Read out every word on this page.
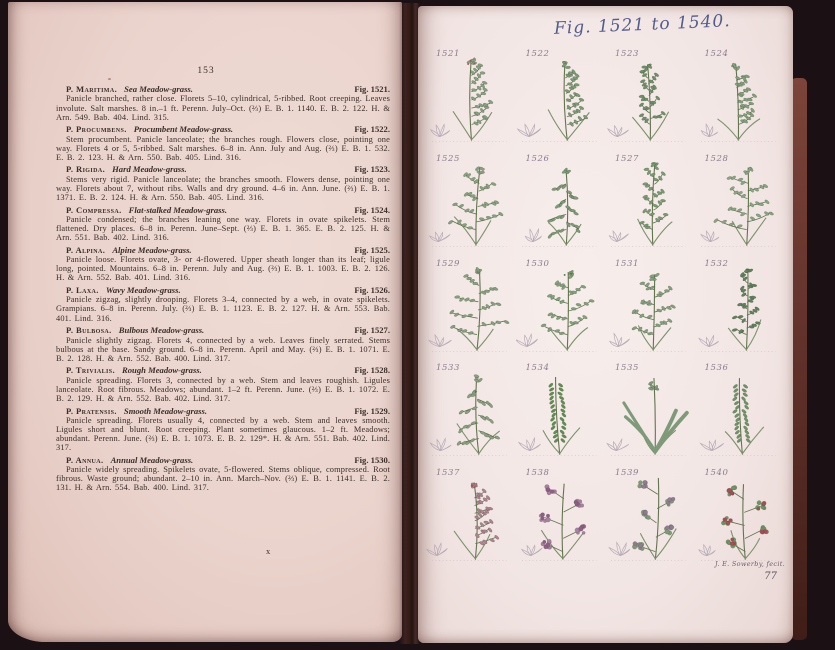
153
P. Maritima. Sea Meadow-grass.	Fig. 1521.

Panicle branched, rather close. Florets 5–10, cylindrical, 5-ribbed. Root creeping. Leaves involute. Salt marshes. 8 in.–1 ft. Perenn. July–Oct. (⅔) E. B. 1. 1140. E. B. 2. 122. H. & Arn. 549. Bab. 404. Lind. 315.

P. Procumbens. Procumbent Meadow-grass.	Fig. 1522.

Stem procumbent. Panicle lanceolate; the branches rough. Flowers close, pointing one way. Florets 4 or 5, 5-ribbed. Salt marshes. 6–8 in. Ann. July and Aug. (⅔) E. B. 1. 532. E. B. 2. 123. H. & Arn. 550. Bab. 405. Lind. 316.

P. Rigida. Hard Meadow-grass.	Fig. 1523.

Stems very rigid. Panicle lanceolate; the branches smooth. Flowers dense, pointing one way. Florets about 7, without ribs. Walls and dry ground. 4–6 in. Ann. June. (⅔) E. B. 1. 1371. E. B. 2. 124. H. & Arn. 550. Bab. 405. Lind. 316.

P. Compressa. Flat-stalked Meadow-grass.	Fig. 1524.

Panicle condensed; the branches leaning one way. Florets in ovate spikelets. Stem flattened. Dry places. 6–8 in. Perenn. June–Sept. (⅔) E. B. 1. 365. E. B. 2. 125. H. & Arn. 551. Bab. 402. Lind. 316.

P. Alpina. Alpine Meadow-grass.	Fig. 1525.

Panicle loose. Florets ovate, 3- or 4-flowered. Upper sheath longer than its leaf; ligule long, pointed. Mountains. 6–8 in. Perenn. July and Aug. (⅔) E. B. 1. 1003. E. B. 2. 126. H. & Arn. 552. Bab. 401. Lind. 316.

P. Laxa. Wavy Meadow-grass.	Fig. 1526.

Panicle zigzag, slightly drooping. Florets 3–4, connected by a web, in ovate spikelets. Grampians. 6–8 in. Perenn. July. (⅔) E. B. 1. 1123. E. B. 2. 127. H. & Arn. 553. Bab. 401. Lind. 316.

P. Bulbosa. Bulbous Meadow-grass.	Fig. 1527.

Panicle slightly zigzag. Florets 4, connected by a web. Leaves finely serrated. Stems bulbous at the base. Sandy ground. 6–8 in. Perenn. April and May. (⅔) E. B. 1. 1071. E. B. 2. 128. H. & Arn. 552. Bab. 400. Lind. 317.

P. Trivialis. Rough Meadow-grass.	Fig. 1528.

Panicle spreading. Florets 3, connected by a web. Stem and leaves roughish. Ligules lanceolate. Root fibrous. Meadows; abundant. 1–2 ft. Perenn. June. (⅔) E. B. 1. 1072. E. B. 2. 129. H. & Arn. 552. Bab. 402. Lind. 317.

P. Pratensis. Smooth Meadow-grass.	Fig. 1529.

Panicle spreading. Florets usually 4, connected by a web. Stem and leaves smooth. Ligules short and blunt. Root creeping. Plant sometimes glaucous. 1–2 ft. Meadows; abundant. Perenn. June. (⅔) E. B. 1. 1073. E. B. 2. 129*. H. & Arn. 551. Bab. 402. Lind. 317.

P. Annua. Annual Meadow-grass.	Fig. 1530.

Panicle widely spreading. Spikelets ovate, 5-flowered. Stems oblique, compressed. Root fibrous. Waste ground; abundant. 2–10 in. Ann. March–Nov. (⅔) E. B. 1. 1141. E. B. 2. 131. H. & Arn. 554. Bab. 400. Lind. 317.

x
Fig. 1521 to 1540.
1521	1522	1523	1524
1525	1526	1527	1528
1529	1530	1531	1532
1533	1534	1535	1536
1537	1538	1539	1540
J. E. Sowerby, fecit.
77
